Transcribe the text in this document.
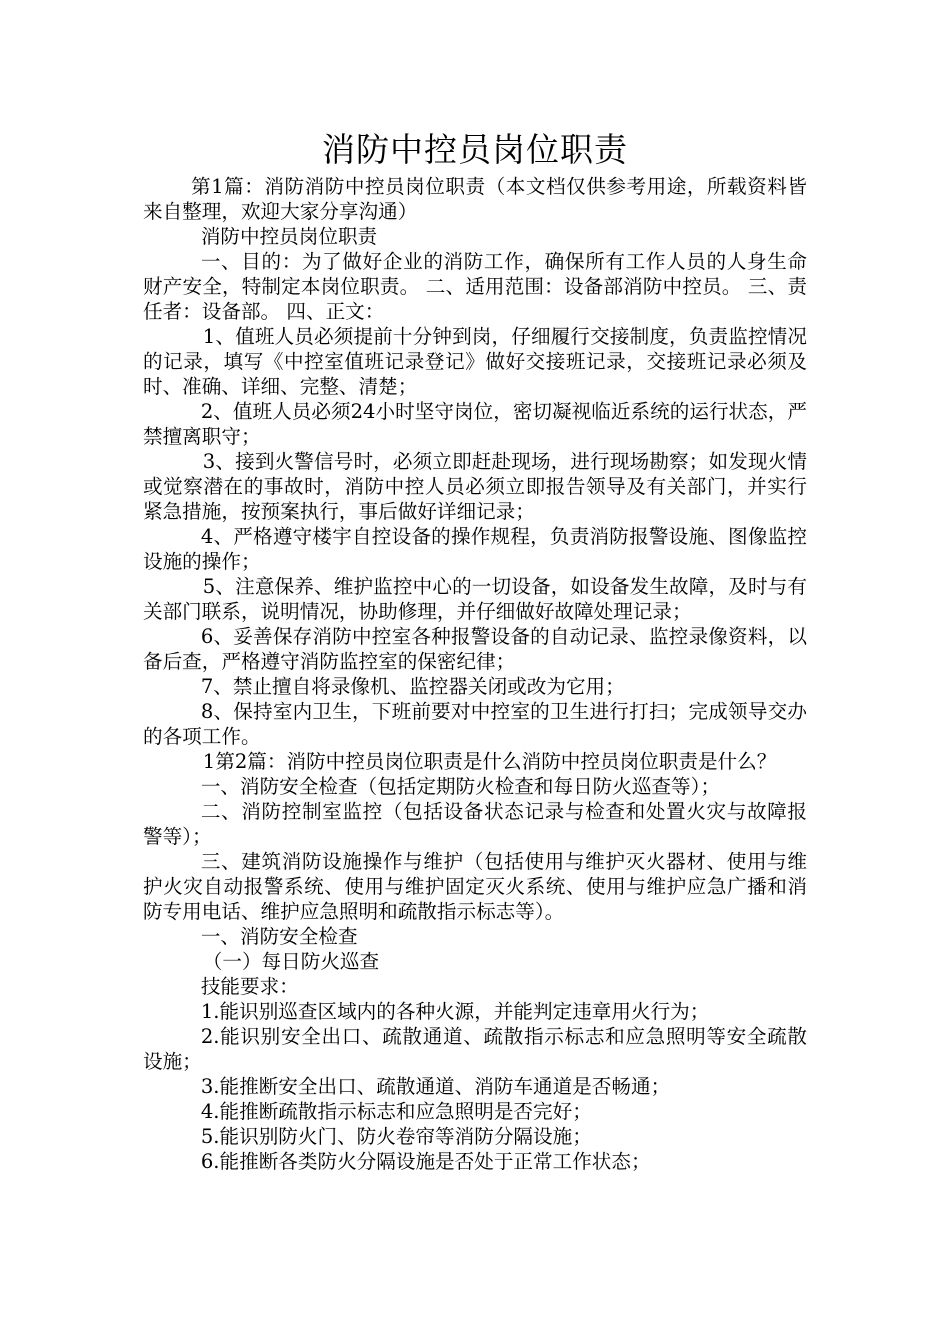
消防中控员岗位职责

第1篇：消防消防中控员岗位职责（本文档仅供参考用途，所载资料皆来自整理，欢迎大家分享沟通）

消防中控员岗位职责

一、目的：为了做好企业的消防工作，确保所有工作人员的人身生命财产安全，特制定本岗位职责。 二、适用范围：设备部消防中控员。 三、责任者：设备部。 四、正文：

1、值班人员必须提前十分钟到岗，仔细履行交接制度，负责监控情况的记录，填写《中控室值班记录登记》做好交接班记录，交接班记录必须及时、准确、详细、完整、清楚；

2、值班人员必须24小时坚守岗位，密切凝视临近系统的运行状态，严禁擅离职守；

3、接到火警信号时，必须立即赶赴现场，进行现场勘察；如发现火情或觉察潜在的事故时，消防中控人员必须立即报告领导及有关部门，并实行紧急措施，按预案执行，事后做好详细记录；

4、严格遵守楼宇自控设备的操作规程，负责消防报警设施、图像监控设施的操作；

5、注意保养、维护监控中心的一切设备，如设备发生故障，及时与有关部门联系，说明情况，协助修理，并仔细做好故障处理记录；

6、妥善保存消防中控室各种报警设备的自动记录、监控录像资料，以备后查，严格遵守消防监控室的保密纪律；

7、禁止擅自将录像机、监控器关闭或改为它用；

8、保持室内卫生，下班前要对中控室的卫生进行打扫；完成领导交办的各项工作。

1第2篇：消防中控员岗位职责是什么消防中控员岗位职责是什么？

一、消防安全检查（包括定期防火检查和每日防火巡查等）；

二、消防控制室监控（包括设备状态记录与检查和处置火灾与故障报警等）；

三、建筑消防设施操作与维护（包括使用与维护灭火器材、使用与维护火灾自动报警系统、使用与维护固定灭火系统、使用与维护应急广播和消防专用电话、维护应急照明和疏散指示标志等）。

一、消防安全检查

（一）每日防火巡查

技能要求：

1.能识别巡查区域内的各种火源，并能判定违章用火行为；

2.能识别安全出口、疏散通道、疏散指示标志和应急照明等安全疏散设施；

3.能推断安全出口、疏散通道、消防车通道是否畅通；

4.能推断疏散指示标志和应急照明是否完好；

5.能识别防火门、防火卷帘等消防分隔设施；

6.能推断各类防火分隔设施是否处于正常工作状态；
